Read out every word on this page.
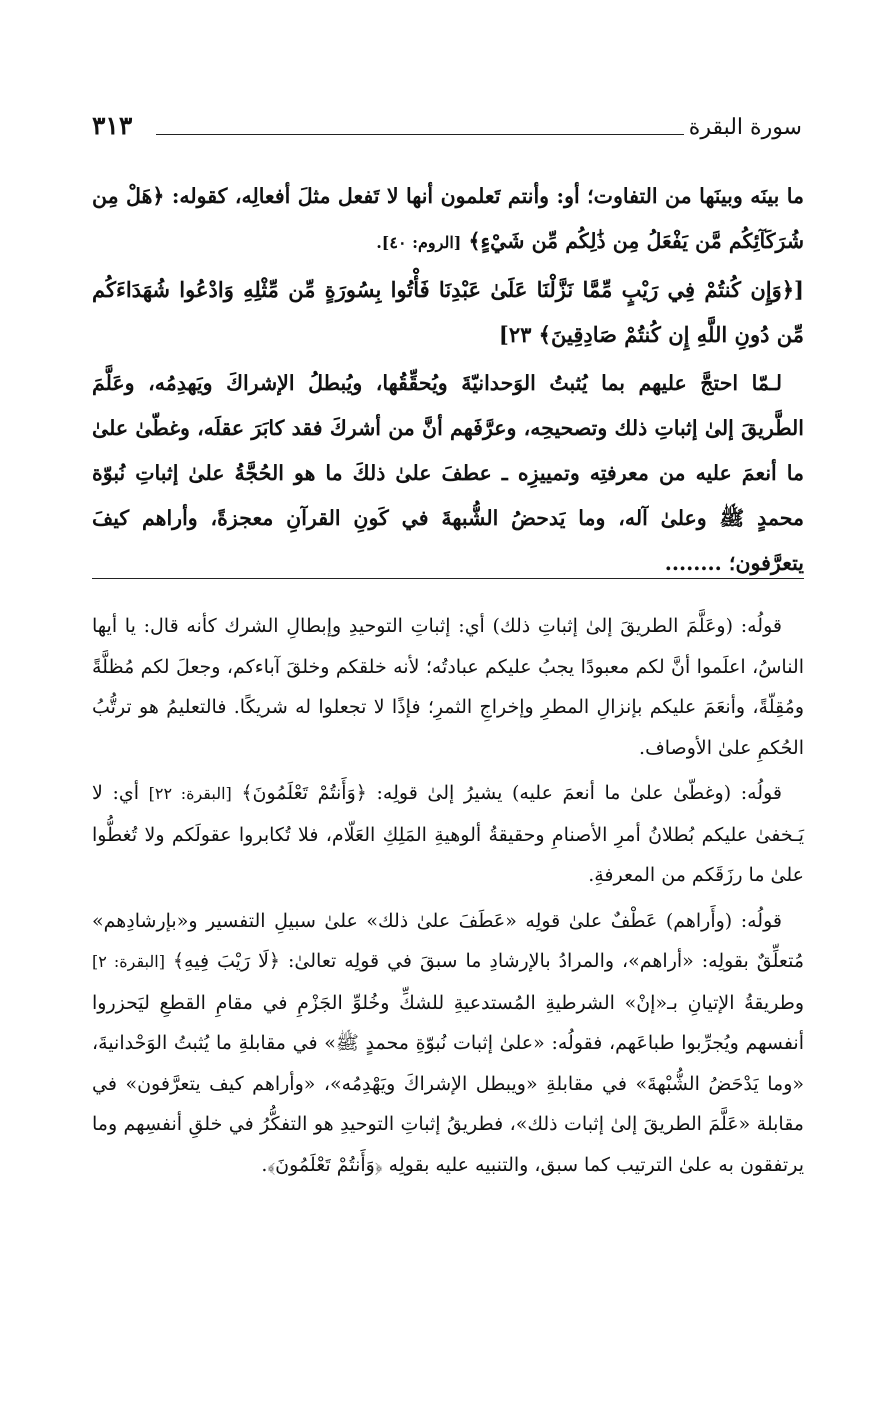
سورة البقرة
٣١٣

ما بينَه وبينَها من التفاوت؛ أو: وأنتم تَعلمون أنها لا تَفعل مثلَ أفعالِه، كقوله: ﴿هَلْ مِن شُرَكَآئِكُم مَّن يَفْعَلُ مِن ذَٰلِكُم مِّن شَيْءٍ﴾ [الروم: ٤٠].

[﴿وَإِن كُنتُمْ فِي رَيْبٍ مِّمَّا نَزَّلْنَا عَلَىٰ عَبْدِنَا فَأْتُوا بِسُورَةٍ مِّن مِّثْلِهِ وَادْعُوا شُهَدَاءَكُم مِّن دُونِ اللَّهِ إِن كُنتُمْ صَادِقِينَ﴾ ٢٣]

لـمّا احتجَّ عليهم بما يُثبتُ الوَحدانيّةَ ويُحقِّقُها، ويُبطلُ الإشراكَ ويَهدِمُه، وعَلَّمَ الطَّريقَ إلىٰ إثباتِ ذلك وتصحيحِه، وعرَّفَهم أنَّ من أشركَ فقد كابَرَ عقلَه، وغطّىٰ علىٰ ما أنعمَ عليه من معرفتِه وتمييزِه ـ عطفَ علىٰ ذلكَ ما هو الحُجَّةُ علىٰ إثباتِ نُبوّة محمدٍ ﷺ وعلىٰ آله، وما يَدحضُ الشُّبهةَ في كَونِ القرآنِ معجزةً، وأراهم كيفَ يتعرَّفون؛ ........

قولُه: (وعَلَّمَ الطريقَ إلىٰ إثباتِ ذلك) أي: إثباتِ التوحيدِ وإبطالِ الشرك كأنه قال: يا أيها الناسُ، اعلَموا أنَّ لكم معبودًا يجبُ عليكم عبادتُه؛ لأنه خلقكم وخلقَ آباءكم، وجعلَ لكم مُظلَّةً ومُقِلّةً، وأنعَمَ عليكم بإنزالِ المطرِ وإخراجِ الثمرِ؛ فإذًا لا تجعلوا له شريكًا. فالتعليمُ هو ترتُّبُ الحُكمِ علىٰ الأوصاف.

قولُه: (وغطّىٰ علىٰ ما أنعمَ عليه) يشيرُ إلىٰ قولِه: ﴿وَأَنتُمْ تَعْلَمُونَ﴾ [البقرة: ٢٢] أي: لا يَـخفىٰ عليكم بُطلانُ أمرِ الأصنامِ وحقيقةُ ألوهيةِ المَلِكِ العَلّام، فلا تُكابروا عقولَكم ولا تُغطُّوا علىٰ ما رزَقَكم من المعرفةِ.

قولُه: (وأَراهم) عَطْفٌ علىٰ قولِه «عَطَفَ علىٰ ذلك» علىٰ سبيلِ التفسير و«بإرشادِهم» مُتعلِّقٌ بقولِه: «أراهم»، والمرادُ بالإرشادِ ما سبقَ في قولِه تعالىٰ: ﴿لَا رَيْبَ فِيهِ﴾ [البقرة: ٢] وطريقةُ الإتيانِ بـ«إنْ» الشرطيةِ المُستدعيةِ للشكِّ وخُلوِّ الجَزْمِ في مقامِ القطعِ ليَحزروا أنفسهم ويُجرِّبوا طباعَهم، فقولُه: «علىٰ إثبات نُبوّةِ محمدٍ ﷺ» في مقابلةِ ما يُثبتُ الوَحْدانيةَ، «وما يَدْحَضُ الشُّبْهةَ» في مقابلةِ «ويبطل الإشراكَ ويَهْدِمُه»، «وأراهم كيف يتعرَّفون» في مقابلة «عَلَّمَ الطريقَ إلىٰ إثبات ذلك»، فطريقُ إثباتِ التوحيدِ هو التفكُّرُ في خلقِ أنفسِهم وما يرتفقون به علىٰ الترتيب كما سبق، والتنبيه عليه بقولِه ﴿وَأَنتُمْ تَعْلَمُونَ﴾.
